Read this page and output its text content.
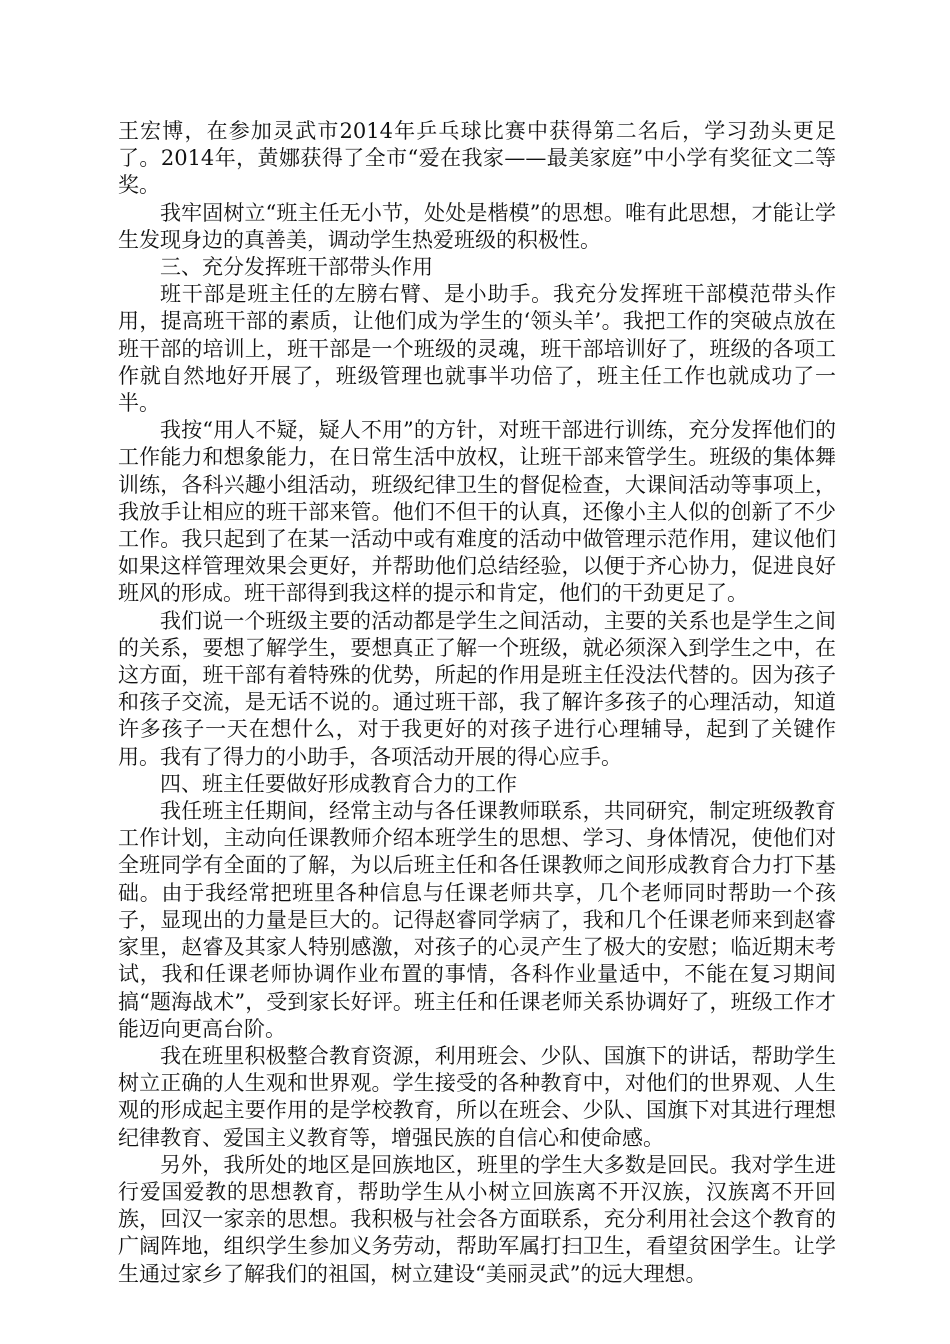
王宏博，在参加灵武市2014年乒乓球比赛中获得第二名后，学习劲头更足了。2014年，黄娜获得了全市“爱在我家——最美家庭”中小学有奖征文二等奖。

我牢固树立“班主任无小节，处处是楷模”的思想。唯有此思想，才能让学生发现身边的真善美，调动学生热爱班级的积极性。

三、充分发挥班干部带头作用

班干部是班主任的左膀右臂、是小助手。我充分发挥班干部模范带头作用，提高班干部的素质，让他们成为学生的‘领头羊’。我把工作的突破点放在班干部的培训上，班干部是一个班级的灵魂，班干部培训好了，班级的各项工作就自然地好开展了，班级管理也就事半功倍了，班主任工作也就成功了一半。

我按“用人不疑，疑人不用”的方针，对班干部进行训练，充分发挥他们的工作能力和想象能力，在日常生活中放权，让班干部来管学生。班级的集体舞训练，各科兴趣小组活动，班级纪律卫生的督促检查，大课间活动等事项上，我放手让相应的班干部来管。他们不但干的认真，还像小主人似的创新了不少工作。我只起到了在某一活动中或有难度的活动中做管理示范作用，建议他们如果这样管理效果会更好，并帮助他们总结经验，以便于齐心协力，促进良好班风的形成。班干部得到我这样的提示和肯定，他们的干劲更足了。

我们说一个班级主要的活动都是学生之间活动，主要的关系也是学生之间的关系，要想了解学生，要想真正了解一个班级，就必须深入到学生之中，在这方面，班干部有着特殊的优势，所起的作用是班主任没法代替的。因为孩子和孩子交流，是无话不说的。通过班干部，我了解许多孩子的心理活动，知道许多孩子一天在想什么，对于我更好的对孩子进行心理辅导，起到了关键作用。我有了得力的小助手，各项活动开展的得心应手。

四、班主任要做好形成教育合力的工作

我任班主任期间，经常主动与各任课教师联系，共同研究，制定班级教育工作计划，主动向任课教师介绍本班学生的思想、学习、身体情况，使他们对全班同学有全面的了解，为以后班主任和各任课教师之间形成教育合力打下基础。由于我经常把班里各种信息与任课老师共享，几个老师同时帮助一个孩子，显现出的力量是巨大的。记得赵睿同学病了，我和几个任课老师来到赵睿家里，赵睿及其家人特别感激，对孩子的心灵产生了极大的安慰；临近期末考试，我和任课老师协调作业布置的事情，各科作业量适中，不能在复习期间搞“题海战术”，受到家长好评。班主任和任课老师关系协调好了，班级工作才能迈向更高台阶。

我在班里积极整合教育资源，利用班会、少队、国旗下的讲话，帮助学生树立正确的人生观和世界观。学生接受的各种教育中，对他们的世界观、人生观的形成起主要作用的是学校教育，所以在班会、少队、国旗下对其进行理想纪律教育、爱国主义教育等，增强民族的自信心和使命感。

另外，我所处的地区是回族地区，班里的学生大多数是回民。我对学生进行爱国爱教的思想教育，帮助学生从小树立回族离不开汉族，汉族离不开回族，回汉一家亲的思想。我积极与社会各方面联系，充分利用社会这个教育的广阔阵地，组织学生参加义务劳动，帮助军属打扫卫生，看望贫困学生。让学生通过家乡了解我们的祖国，树立建设“美丽灵武”的远大理想。
